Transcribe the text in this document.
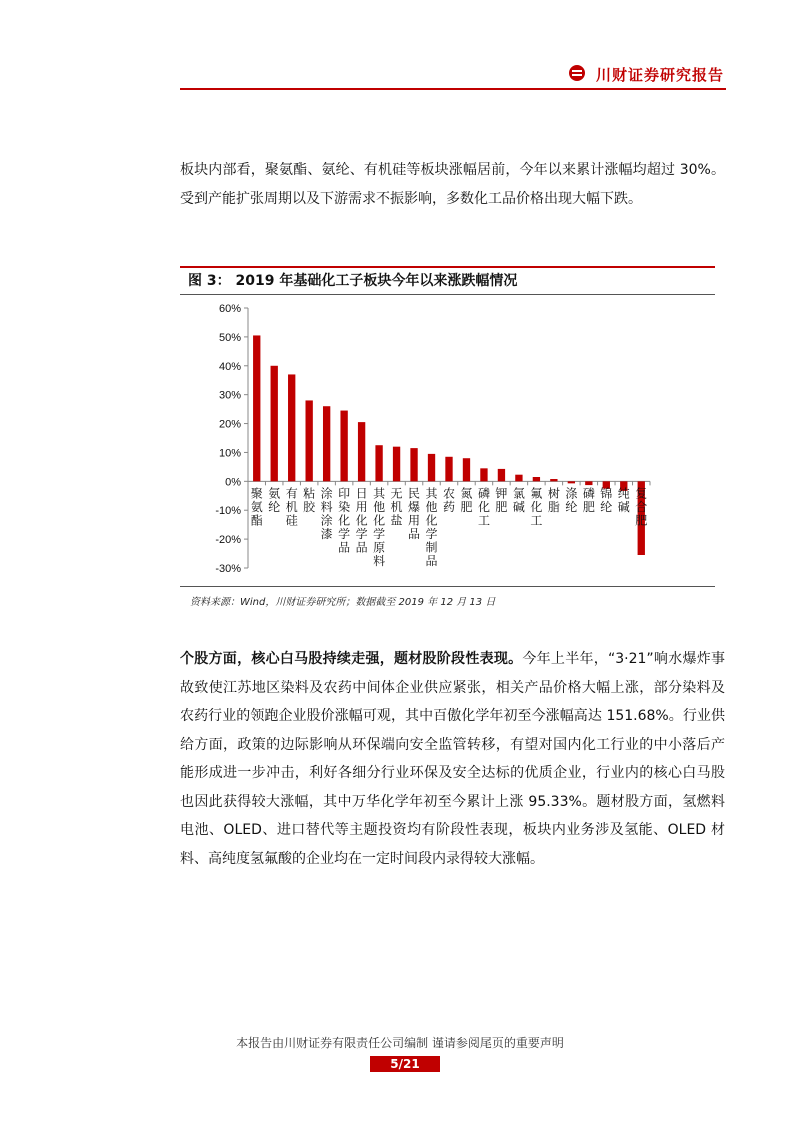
川财证券研究报告
板块内部看，聚氨酯、氨纶、有机硅等板块涨幅居前，今年以来累计涨幅均超过 30%。受到产能扩张周期以及下游需求不振影响，多数化工品价格出现大幅下跌。
图 3： 2019 年基础化工子板块今年以来涨跌幅情况
-30%
-20%
-10%
0%
10%
20%
30%
40%
50%
60%
聚氨酯
氨纶
有机硅
粘胶
涂料涂漆
印染化学品
日用化学品
其他化学原料
无机盐
民爆用品
其他化学制品
农药
氮肥
磷化工
钾肥
氯碱
氟化工
树脂
涤纶
磷肥
锦纶
纯碱
复合肥
资料来源：Wind，川财证券研究所；数据截至 2019 年 12 月 13 日
个股方面，核心白马股持续走强，题材股阶段性表现。今年上半年，“3·21”响水爆炸事故致使江苏地区染料及农药中间体企业供应紧张，相关产品价格大幅上涨，部分染料及农药行业的领跑企业股价涨幅可观，其中百傲化学年初至今涨幅高达 151.68%。行业供给方面，政策的边际影响从环保端向安全监管转移，有望对国内化工行业的中小落后产能形成进一步冲击，利好各细分行业环保及安全达标的优质企业，行业内的核心白马股也因此获得较大涨幅，其中万华化学年初至今累计上涨 95.33%。题材股方面，氢燃料电池、OLED、进口替代等主题投资均有阶段性表现，板块内业务涉及氢能、OLED 材料、高纯度氢氟酸的企业均在一定时间段内录得较大涨幅。
本报告由川财证券有限责任公司编制 谨请参阅尾页的重要声明
5/21
